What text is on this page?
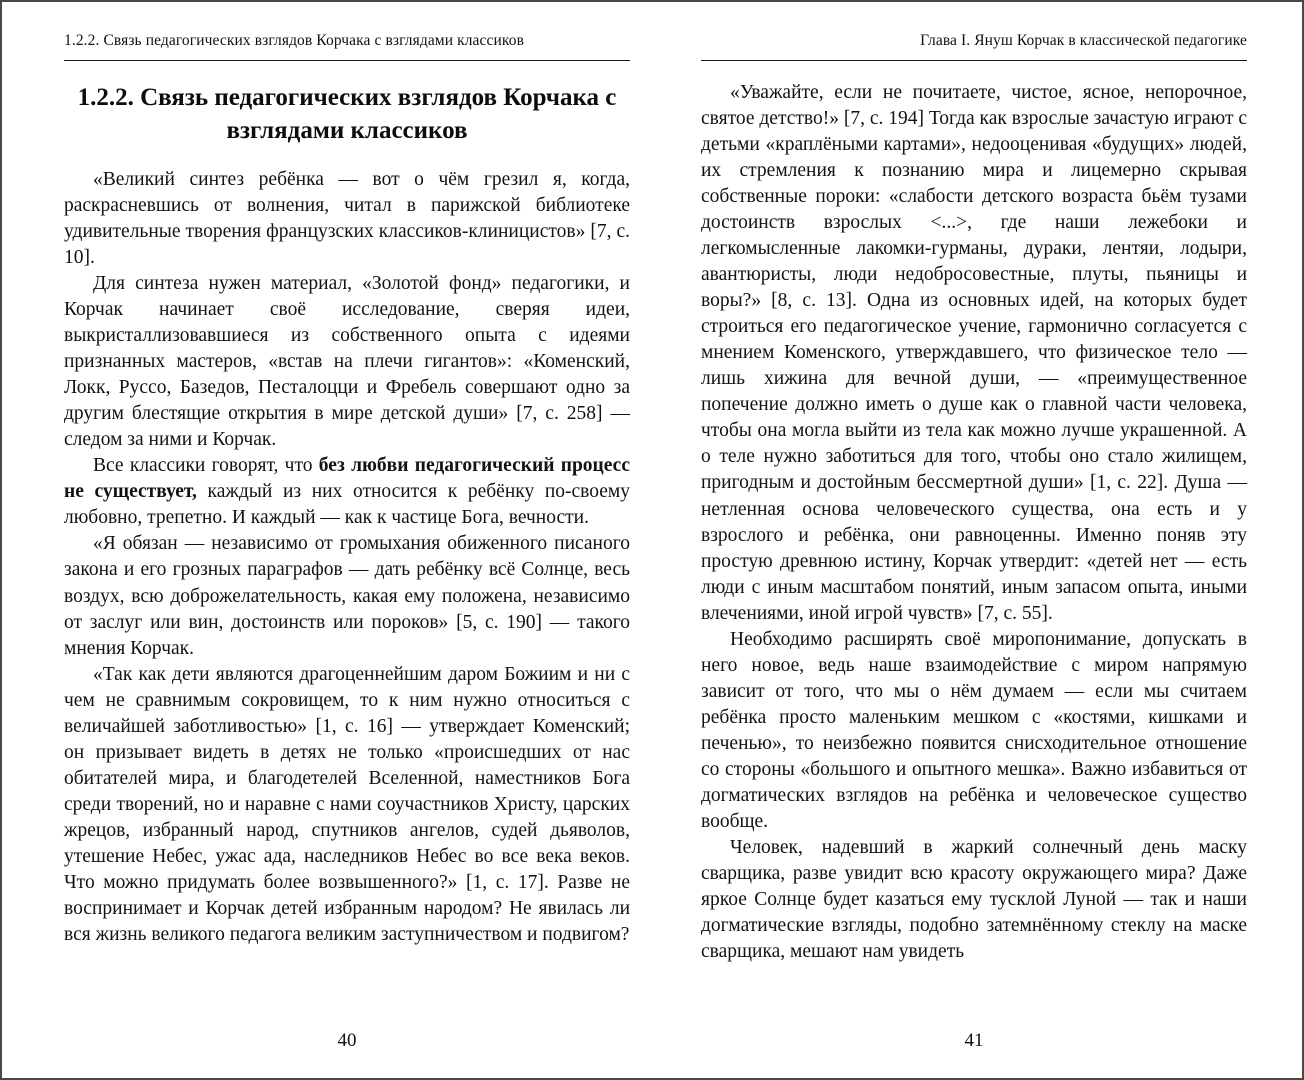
1.2.2. Связь педагогических взглядов Корчака с взглядами классиков
1.2.2. Связь педагогических взглядов Корчака с взглядами классиков

«Великий синтез ребёнка — вот о чём грезил я, когда, раскрасневшись от волнения, читал в парижской библиотеке удивительные творения французских классиков-клиницистов» [7, с. 10].

Для синтеза нужен материал, «Золотой фонд» педагогики, и Корчак начинает своё исследование, сверяя идеи, выкристаллизовавшиеся из собственного опыта с идеями признанных мастеров, «встав на плечи гигантов»: «Коменский, Локк, Руссо, Базедов, Песталоцци и Фребель совершают одно за другим блестящие открытия в мире детской души» [7, с. 258] — следом за ними и Корчак.

Все классики говорят, что без любви педагогический процесс не существует, каждый из них относится к ребёнку по-своему любовно, трепетно. И каждый — как к частице Бога, вечности.

«Я обязан — независимо от громыхания обиженного писаного закона и его грозных параграфов — дать ребёнку всё Солнце, весь воздух, всю доброжелательность, какая ему положена, независимо от заслуг или вин, достоинств или пороков» [5, с. 190] — такого мнения Корчак.

«Так как дети являются драгоценнейшим даром Божиим и ни с чем не сравнимым сокровищем, то к ним нужно относиться с величайшей заботливостью» [1, с. 16] — утверждает Коменский; он призывает видеть в детях не только «происшедших от нас обитателей мира, и благодетелей Вселенной, наместников Бога среди творений, но и наравне с нами соучастников Христу, царских жрецов, избранный народ, спутников ангелов, судей дьяволов, утешение Небес, ужас ада, наследников Небес во все века веков. Что можно придумать более возвышенного?» [1, с. 17]. Разве не воспринимает и Корчак детей избранным народом? Не явилась ли вся жизнь великого педагога великим заступничеством и подвигом?

40
Глава I. Януш Корчак в классической педагогике

«Уважайте, если не почитаете, чистое, ясное, непорочное, святое детство!» [7, с. 194] Тогда как взрослые зачастую играют с детьми «краплёными картами», недооценивая «будущих» людей, их стремления к познанию мира и лицемерно скрывая собственные пороки: «слабости детского возраста бьём тузами достоинств взрослых <...>, где наши лежебоки и легкомысленные лакомки-гурманы, дураки, лентяи, лодыри, авантюристы, люди недобросовестные, плуты, пьяницы и воры?» [8, с. 13]. Одна из основных идей, на которых будет строиться его педагогическое учение, гармонично согласуется с мнением Коменского, утверждавшего, что физическое тело — лишь хижина для вечной души, — «преимущественное попечение должно иметь о душе как о главной части человека, чтобы она могла выйти из тела как можно лучше украшенной. А о теле нужно заботиться для того, чтобы оно стало жилищем, пригодным и достойным бессмертной души» [1, с. 22]. Душа — нетленная основа человеческого существа, она есть и у взрослого и ребёнка, они равноценны. Именно поняв эту простую древнюю истину, Корчак утвердит: «детей нет — есть люди с иным масштабом понятий, иным запасом опыта, иными влечениями, иной игрой чувств» [7, с. 55].

Необходимо расширять своё миропонимание, допускать в него новое, ведь наше взаимодействие с миром напрямую зависит от того, что мы о нём думаем — если мы считаем ребёнка просто маленьким мешком с «костями, кишками и печенью», то неизбежно появится снисходительное отношение со стороны «большого и опытного мешка». Важно избавиться от догматических взглядов на ребёнка и человеческое существо вообще.

Человек, надевший в жаркий солнечный день маску сварщика, разве увидит всю красоту окружающего мира? Даже яркое Солнце будет казаться ему тусклой Луной — так и наши догматические взгляды, подобно затемнённому стеклу на маске сварщика, мешают нам увидеть

41
